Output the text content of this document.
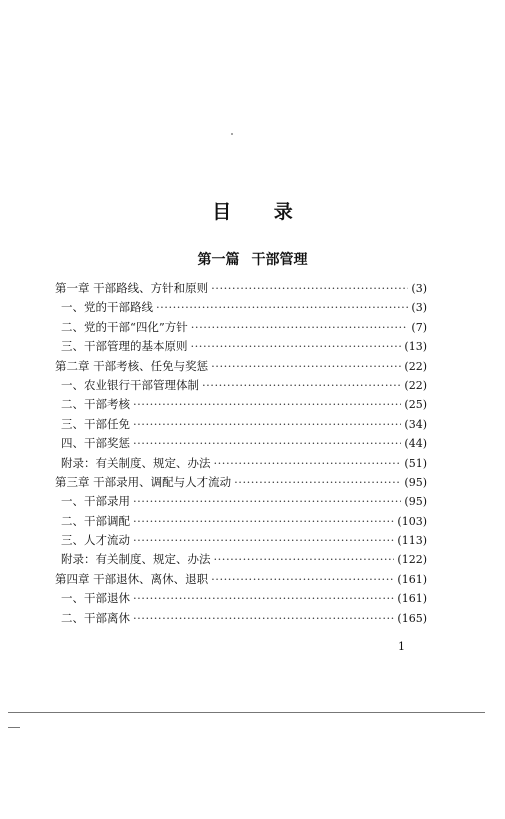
目 录
第一篇 干部管理
第一章 干部路线、方针和原则 ·····	(3)
一、党的干部路线 ·····	(3)
二、党的干部“四化”方针 ·····	(7)
三、干部管理的基本原则 ·····	(13)
第二章 干部考核、任免与奖惩 ·····	(22)
一、农业银行干部管理体制 ·····	(22)
二、干部考核 ·····	(25)
三、干部任免 ·····	(34)
四、干部奖惩 ·····	(44)
附录：有关制度、规定、办法 ·····	(51)
第三章 干部录用、调配与人才流动 ·····	(95)
一、干部录用 ·····	(95)
二、干部调配 ·····	(103)
三、人才流动 ·····	(113)
附录：有关制度、规定、办法 ·····	(122)
第四章 干部退休、离休、退职 ·····	(161)
一、干部退休 ·····	(161)
二、干部离休 ·····	(165)
1
